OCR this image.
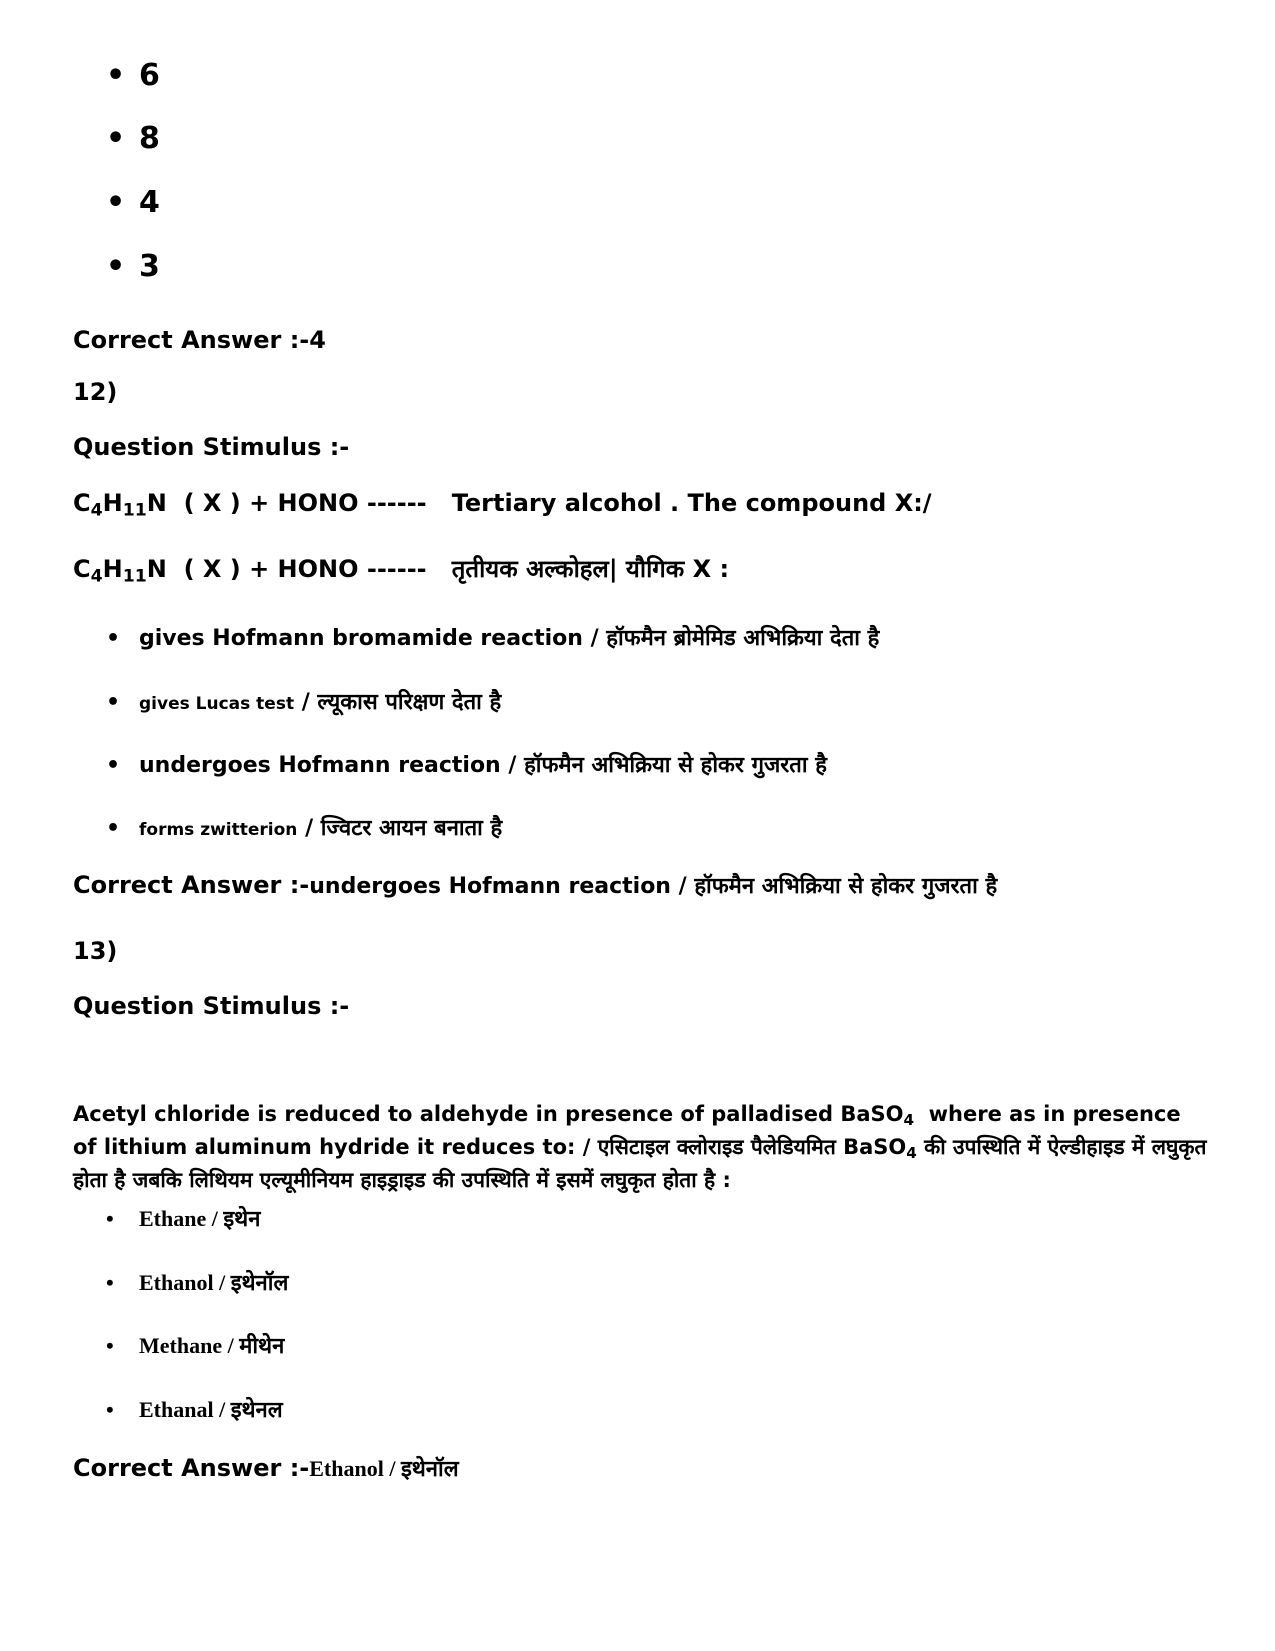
• 6
• 8
• 4
• 3
Correct Answer :-4
12)
Question Stimulus :-
$C_4H_{11}N$  ( X ) + HONO ------   Tertiary alcohol . The compound X:/
$C_4H_{11}N$  ( X ) + HONO ------   तृतीयक अल्कोहल| यौगिक X :
• gives Hofmann bromamide reaction / हॉफमैन ब्रोमेमिड अभिक्रिया देता है
• gives Lucas test / ल्यूकास परिक्षण देता है
• undergoes Hofmann reaction / हॉफमैन अभिक्रिया से होकर गुजरता है
• forms zwitterion / ज्विटर आयन बनाता है
Correct Answer :-undergoes Hofmann reaction / हॉफमैन अभिक्रिया से होकर गुजरता है
13)
Question Stimulus :-
Acetyl chloride is reduced to aldehyde in presence of palladised BaSO$_4$  where as in presence of lithium aluminum hydride it reduces to: / एसिटाइल क्लोराइड पैलेडियमित BaSO$_4$ की उपस्थिति में ऐल्डीहाइड में लघुकृत होता है जबकि लिथियम एल्यूमीनियम हाइड्राइड की उपस्थिति में इसमें लघुकृत होता है :
• Ethane / इथेन
• Ethanol / इथेनॉल
• Methane / मीथेन
• Ethanal / इथेनल
Correct Answer :-Ethanol / इथेनॉल
